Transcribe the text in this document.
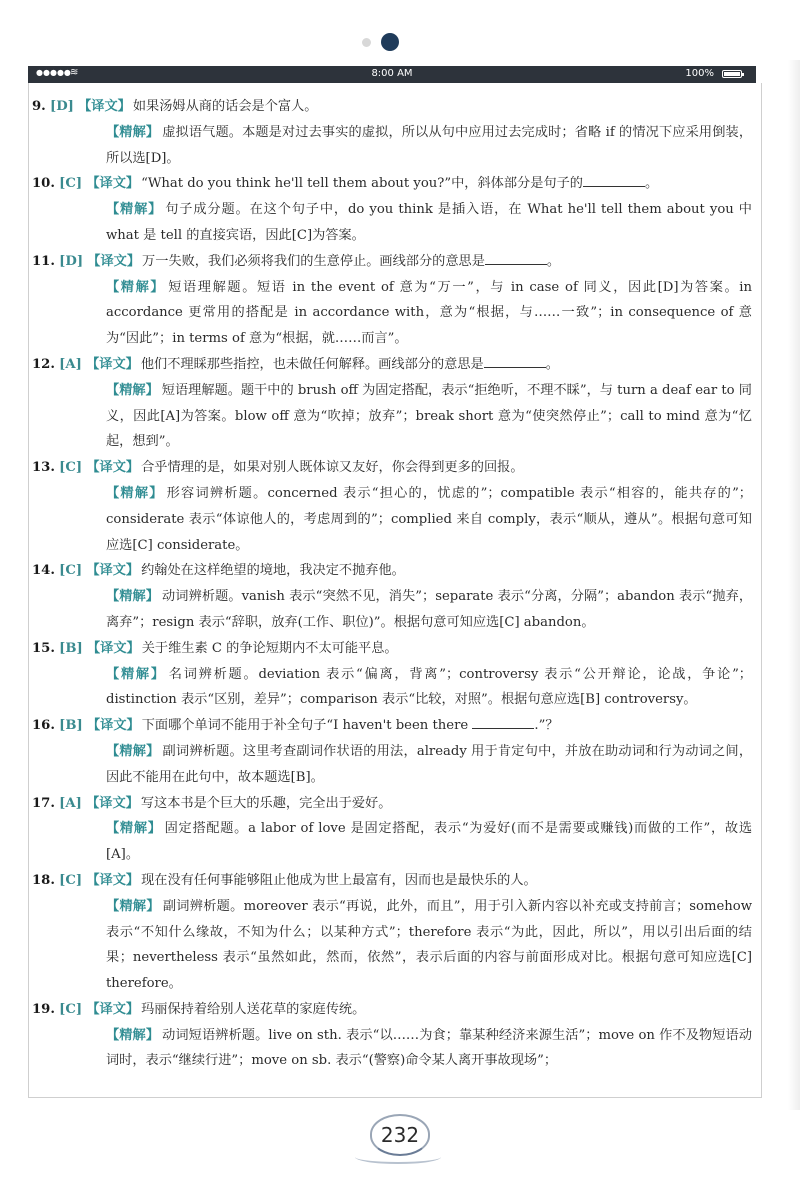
●●●●● ≋	8:00 AM	100%
9. [D] 【译文】 如果汤姆从商的话会是个富人。

【精解】 虚拟语气题。本题是对过去事实的虚拟，所以从句中应用过去完成时；省略 if 的情况下应采用倒装，所以选[D]。
10. [C] 【译文】 “What do you think he'll tell them about you?”中，斜体部分是句子的	。

【精解】 句子成分题。在这个句子中，do you think 是插入语，在 What he'll tell them about you 中 what 是 tell 的直接宾语，因此[C]为答案。
11. [D] 【译文】 万一失败，我们必须将我们的生意停止。画线部分的意思是	。

【精解】 短语理解题。短语 in the event of 意为“万一”，与 in case of 同义，因此[D]为答案。in accordance 更常用的搭配是 in accordance with，意为“根据，与……一致”；in consequence of 意为“因此”；in terms of 意为“根据，就……而言”。
12. [A] 【译文】 他们不理睬那些指控，也未做任何解释。画线部分的意思是	。

【精解】 短语理解题。题干中的 brush off 为固定搭配，表示“拒绝听，不理不睬”，与 turn a deaf ear to 同义，因此[A]为答案。blow off 意为“吹掉；放弃”；break short 意为“使突然停止”；call to mind 意为“忆起，想到”。
13. [C] 【译文】 合乎情理的是，如果对别人既体谅又友好，你会得到更多的回报。

【精解】 形容词辨析题。concerned 表示“担心的，忧虑的”；compatible 表示“相容的，能共存的”；considerate 表示“体谅他人的，考虑周到的”；complied 来自 comply，表示“顺从，遵从”。根据句意可知应选[C] considerate。
14. [C] 【译文】 约翰处在这样绝望的境地，我决定不抛弃他。

【精解】 动词辨析题。vanish 表示“突然不见，消失”；separate 表示“分离，分隔”；abandon 表示“抛弃，离弃”；resign 表示“辞职，放弃(工作、职位)”。根据句意可知应选[C] abandon。
15. [B] 【译文】 关于维生素 C 的争论短期内不太可能平息。

【精解】 名词辨析题。deviation 表示“偏离，背离”；controversy 表示“公开辩论，论战，争论”；distinction 表示“区别，差异”；comparison 表示“比较，对照”。根据句意应选[B] controversy。
16. [B] 【译文】 下面哪个单词不能用于补全句子“I haven't been there	.”？

【精解】 副词辨析题。这里考查副词作状语的用法，already 用于肯定句中，并放在助动词和行为动词之间，因此不能用在此句中，故本题选[B]。
17. [A] 【译文】 写这本书是个巨大的乐趣，完全出于爱好。

【精解】 固定搭配题。a labor of love 是固定搭配，表示“为爱好(而不是需要或赚钱)而做的工作”，故选[A]。
18. [C] 【译文】 现在没有任何事能够阻止他成为世上最富有，因而也是最快乐的人。

【精解】 副词辨析题。moreover 表示“再说，此外，而且”，用于引入新内容以补充或支持前言；somehow 表示“不知什么缘故，不知为什么；以某种方式”；therefore 表示“为此，因此，所以”，用以引出后面的结果；nevertheless 表示“虽然如此，然而，依然”，表示后面的内容与前面形成对比。根据句意可知应选[C] therefore。
19. [C] 【译文】 玛丽保持着给别人送花草的家庭传统。

【精解】 动词短语辨析题。live on sth. 表示“以……为食；靠某种经济来源生活”；move on 作不及物短语动词时，表示“继续行进”；move on sb. 表示“(警察)命令某人离开事故现场”；
232
